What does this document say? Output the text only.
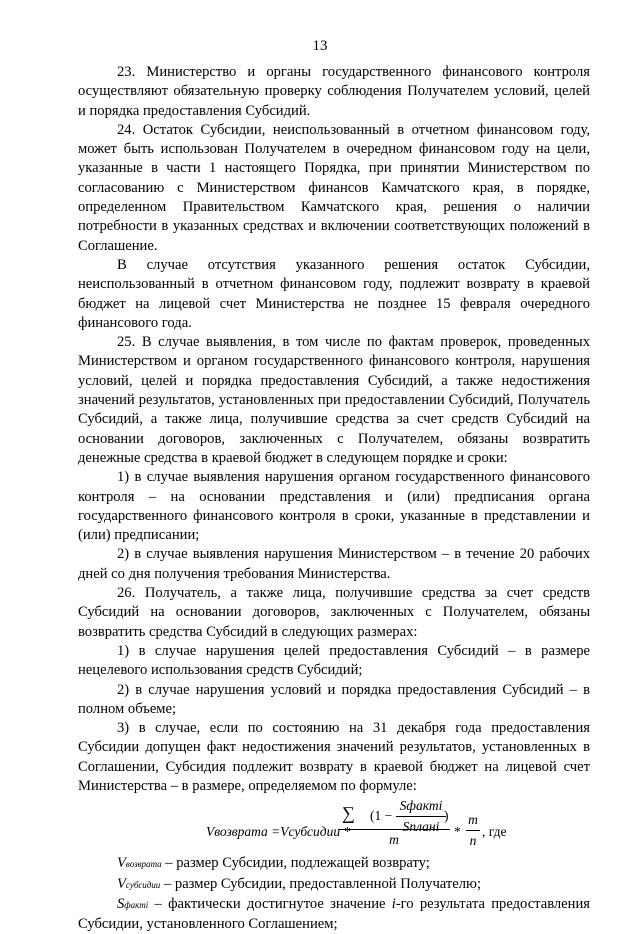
13

23. Министерство и органы государственного финансового контроля осуществляют обязательную проверку соблюдения Получателем условий, целей и порядка предоставления Субсидий.

24. Остаток Субсидии, неиспользованный в отчетном финансовом году, может быть использован Получателем в очередном финансовом году на цели, указанные в части 1 настоящего Порядка, при принятии Министерством по согласованию с Министерством финансов Камчатского края, в порядке, определенном Правительством Камчатского края, решения о наличии потребности в указанных средствах и включении соответствующих положений в Соглашение.

В случае отсутствия указанного решения остаток Субсидии, неиспользованный в отчетном финансовом году, подлежит возврату в краевой бюджет на лицевой счет Министерства не позднее 15 февраля очередного финансового года.

25. В случае выявления, в том числе по фактам проверок, проведенных Министерством и органом государственного финансового контроля, нарушения условий, целей и порядка предоставления Субсидий, а также недостижения значений результатов, установленных при предоставлении Субсидий, Получатель Субсидий, а также лица, получившие средства за счет средств Субсидий на основании договоров, заключенных с Получателем, обязаны возвратить денежные средства в краевой бюджет в следующем порядке и сроки:

1) в случае выявления нарушения органом государственного финансового контроля – на основании представления и (или) предписания органа государственного финансового контроля в сроки, указанные в представлении и (или) предписании;

2) в случае выявления нарушения Министерством – в течение 20 рабочих дней со дня получения требования Министерства.

26. Получатель, а также лица, получившие средства за счет средств Субсидий на основании договоров, заключенных с Получателем, обязаны возвратить средства Субсидий в следующих размерах:

1) в случае нарушения целей предоставления Субсидий – в размере нецелевого использования средств Субсидий;

2) в случае нарушения условий и порядка предоставления Субсидий – в полном объеме;

3) в случае, если по состоянию на 31 декабря года предоставления Субсидии допущен факт недостижения значений результатов, установленных в Соглашении, Субсидия подлежит возврату в краевой бюджет на лицевой счет Министерства – в размере, определяемом по формуле:

Vвозврата =Vсубсидии *
m
∑ (1 −
Sфакті
Sпланi
)
*
m
n
, где

Vвозврата – размер Субсидии, подлежащей возврату;

Vсубсидии – размер Субсидии, предоставленной Получателю;

Sфакті – фактически достигнутое значение i-го результата предоставления Субсидии, установленного Соглашением;
